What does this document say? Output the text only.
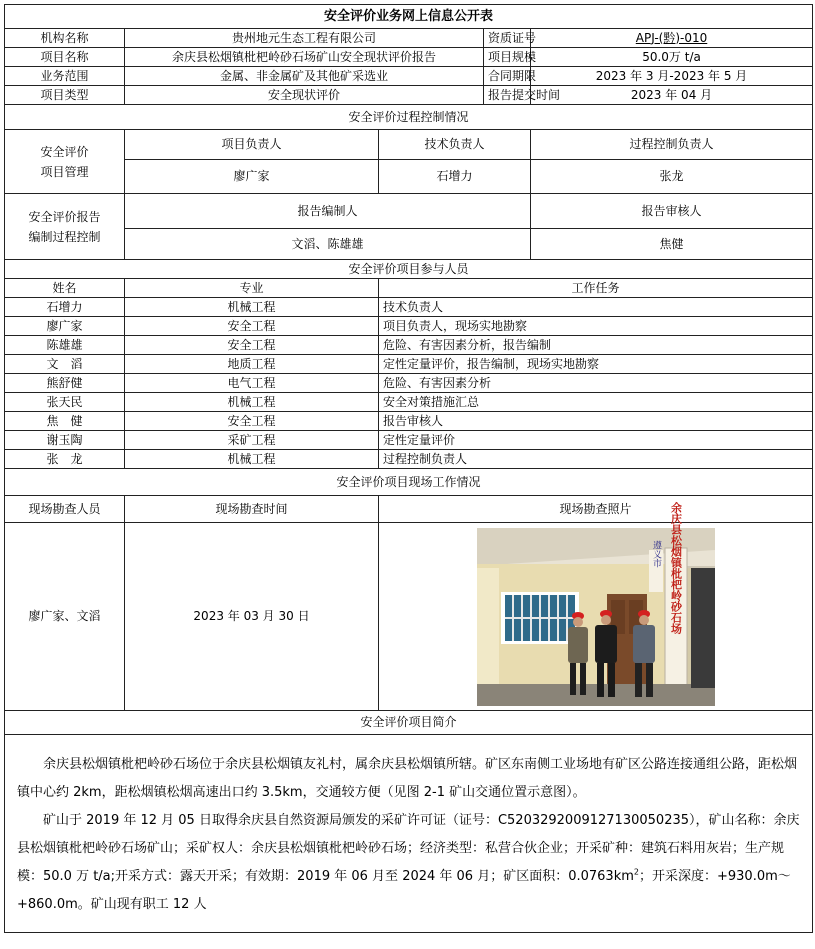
安全评价业务网上信息公开表				
机构名称	贵州地元生态工程有限公司		资质证号	APJ-(黔)-010
项目名称	余庆县松烟镇枇杷岭砂石场矿山安全现状评价报告		项目规模	50.0万 t/a
业务范围	金属、非金属矿及其他矿采选业		合同期限	2023 年 3 月-2023 年 5 月
项目类型	安全现状评价		报告提交时间	2023 年 04 月
安全评价过程控制情况				
安全评价
项目管理	项目负责人	技术负责人		过程控制负责人
	廖广家	石增力		张龙
安全评价报告
编制过程控制	报告编制人			报告审核人
	文滔、陈雄雄			焦健
安全评价项目参与人员				
姓名	专业	工作任务		
石增力	机械工程	技术负责人		
廖广家	安全工程	项目负责人，现场实地勘察		
陈雄雄	安全工程	危险、有害因素分析，报告编制		
文　滔	地质工程	定性定量评价，报告编制，现场实地勘察		
熊舒健	电气工程	危险、有害因素分析		
张天民	机械工程	安全对策措施汇总		
焦　健	安全工程	报告审核人		
谢玉陶	采矿工程	定性定量评价		
张　龙	机械工程	过程控制负责人		
安全评价项目现场工作情况				
现场勘查人员	现场勘查时间	现场勘查照片		
廖广家、文滔	2023 年 03 月 30 日	余庆县松烟镇枇杷岭砂石场
遵义市		

安全评价项目简介				

余庆县松烟镇枇杷岭砂石场位于余庆县松烟镇友礼村，属余庆县松烟镇所辖。矿区东南侧工业场地有矿区公路连接通组公路，距松烟镇中心约 2km，距松烟镇松烟高速出口约 3.5km，交通较方便（见图 2-1 矿山交通位置示意图）。

矿山于 2019 年 12 月 05 日取得余庆县自然资源局颁发的采矿许可证（证号：C5203292009127130050235），矿山名称：余庆县松烟镇枇杷岭砂石场矿山；采矿权人：余庆县松烟镇枇杷岭砂石场；经济类型：私营合伙企业；开采矿种：建筑石料用灰岩；生产规模：50.0 万 t/a;开采方式：露天开采；有效期：2019 年 06 月至 2024 年 06 月；矿区面积：$0.0763km^2$；开采深度：+930.0m～+860.0m。矿山现有职工 12 人				
